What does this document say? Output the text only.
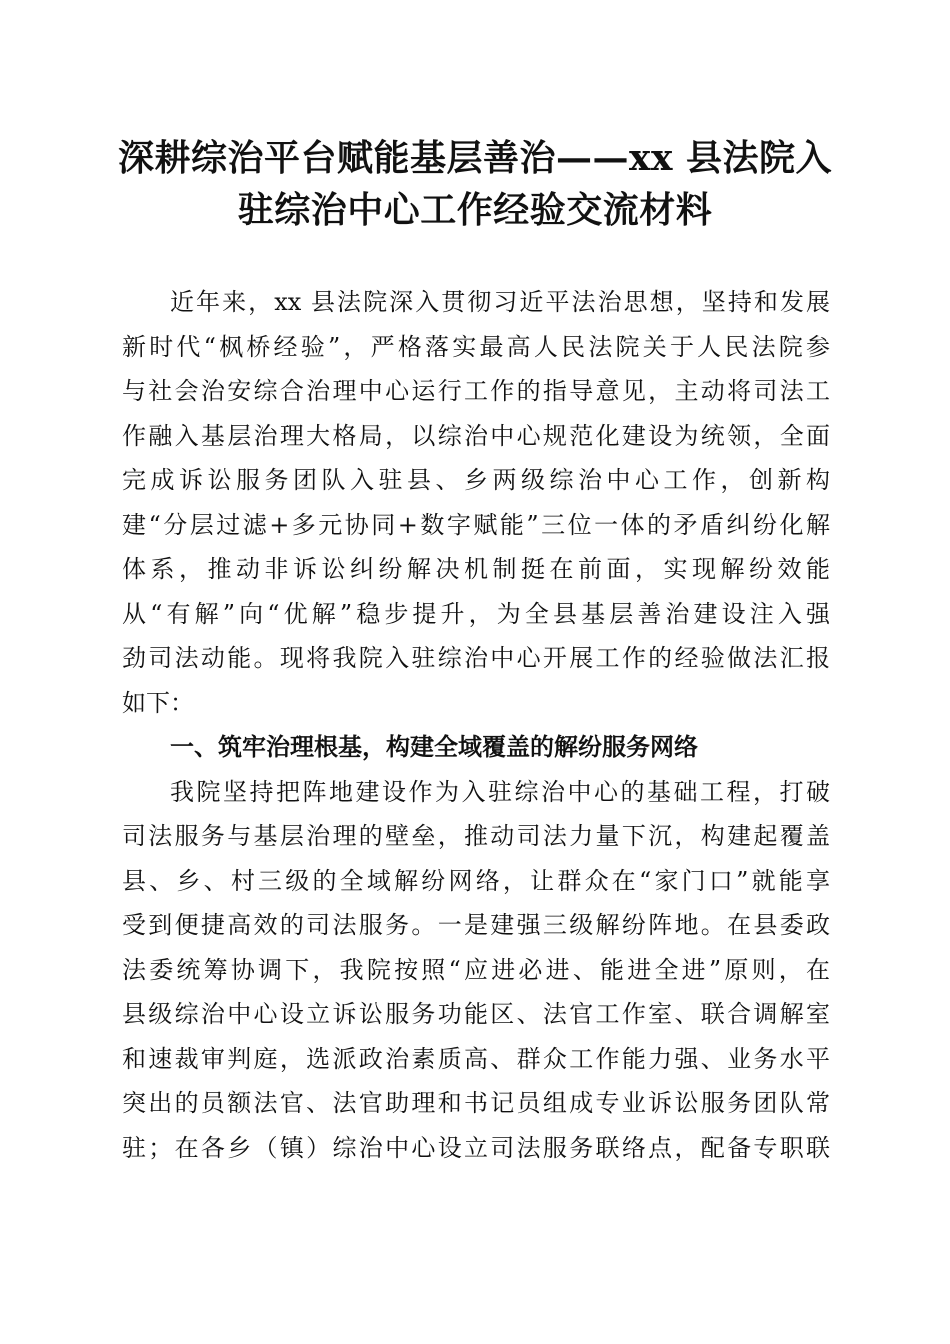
深耕综治平台赋能基层善治——xx 县法院入
驻综治中心工作经验交流材料
近年来，xx 县法院深入贯彻习近平法治思想，坚持和发展
新时代“枫桥经验”，严格落实最高人民法院关于人民法院参
与社会治安综合治理中心运行工作的指导意见，主动将司法工
作融入基层治理大格局，以综治中心规范化建设为统领，全面
完成诉讼服务团队入驻县、乡两级综治中心工作，创新构
建“分层过滤+多元协同+数字赋能”三位一体的矛盾纠纷化解
体系，推动非诉讼纠纷解决机制挺在前面，实现解纷效能
从“有解”向“优解”稳步提升，为全县基层善治建设注入强
劲司法动能。现将我院入驻综治中心开展工作的经验做法汇报
如下：
一、筑牢治理根基，构建全域覆盖的解纷服务网络
我院坚持把阵地建设作为入驻综治中心的基础工程，打破
司法服务与基层治理的壁垒，推动司法力量下沉，构建起覆盖
县、乡、村三级的全域解纷网络，让群众在“家门口”就能享
受到便捷高效的司法服务。一是建强三级解纷阵地。在县委政
法委统筹协调下，我院按照“应进必进、能进全进”原则，在
县级综治中心设立诉讼服务功能区、法官工作室、联合调解室
和速裁审判庭，选派政治素质高、群众工作能力强、业务水平
突出的员额法官、法官助理和书记员组成专业诉讼服务团队常
驻；在各乡（镇）综治中心设立司法服务联络点，配备专职联
